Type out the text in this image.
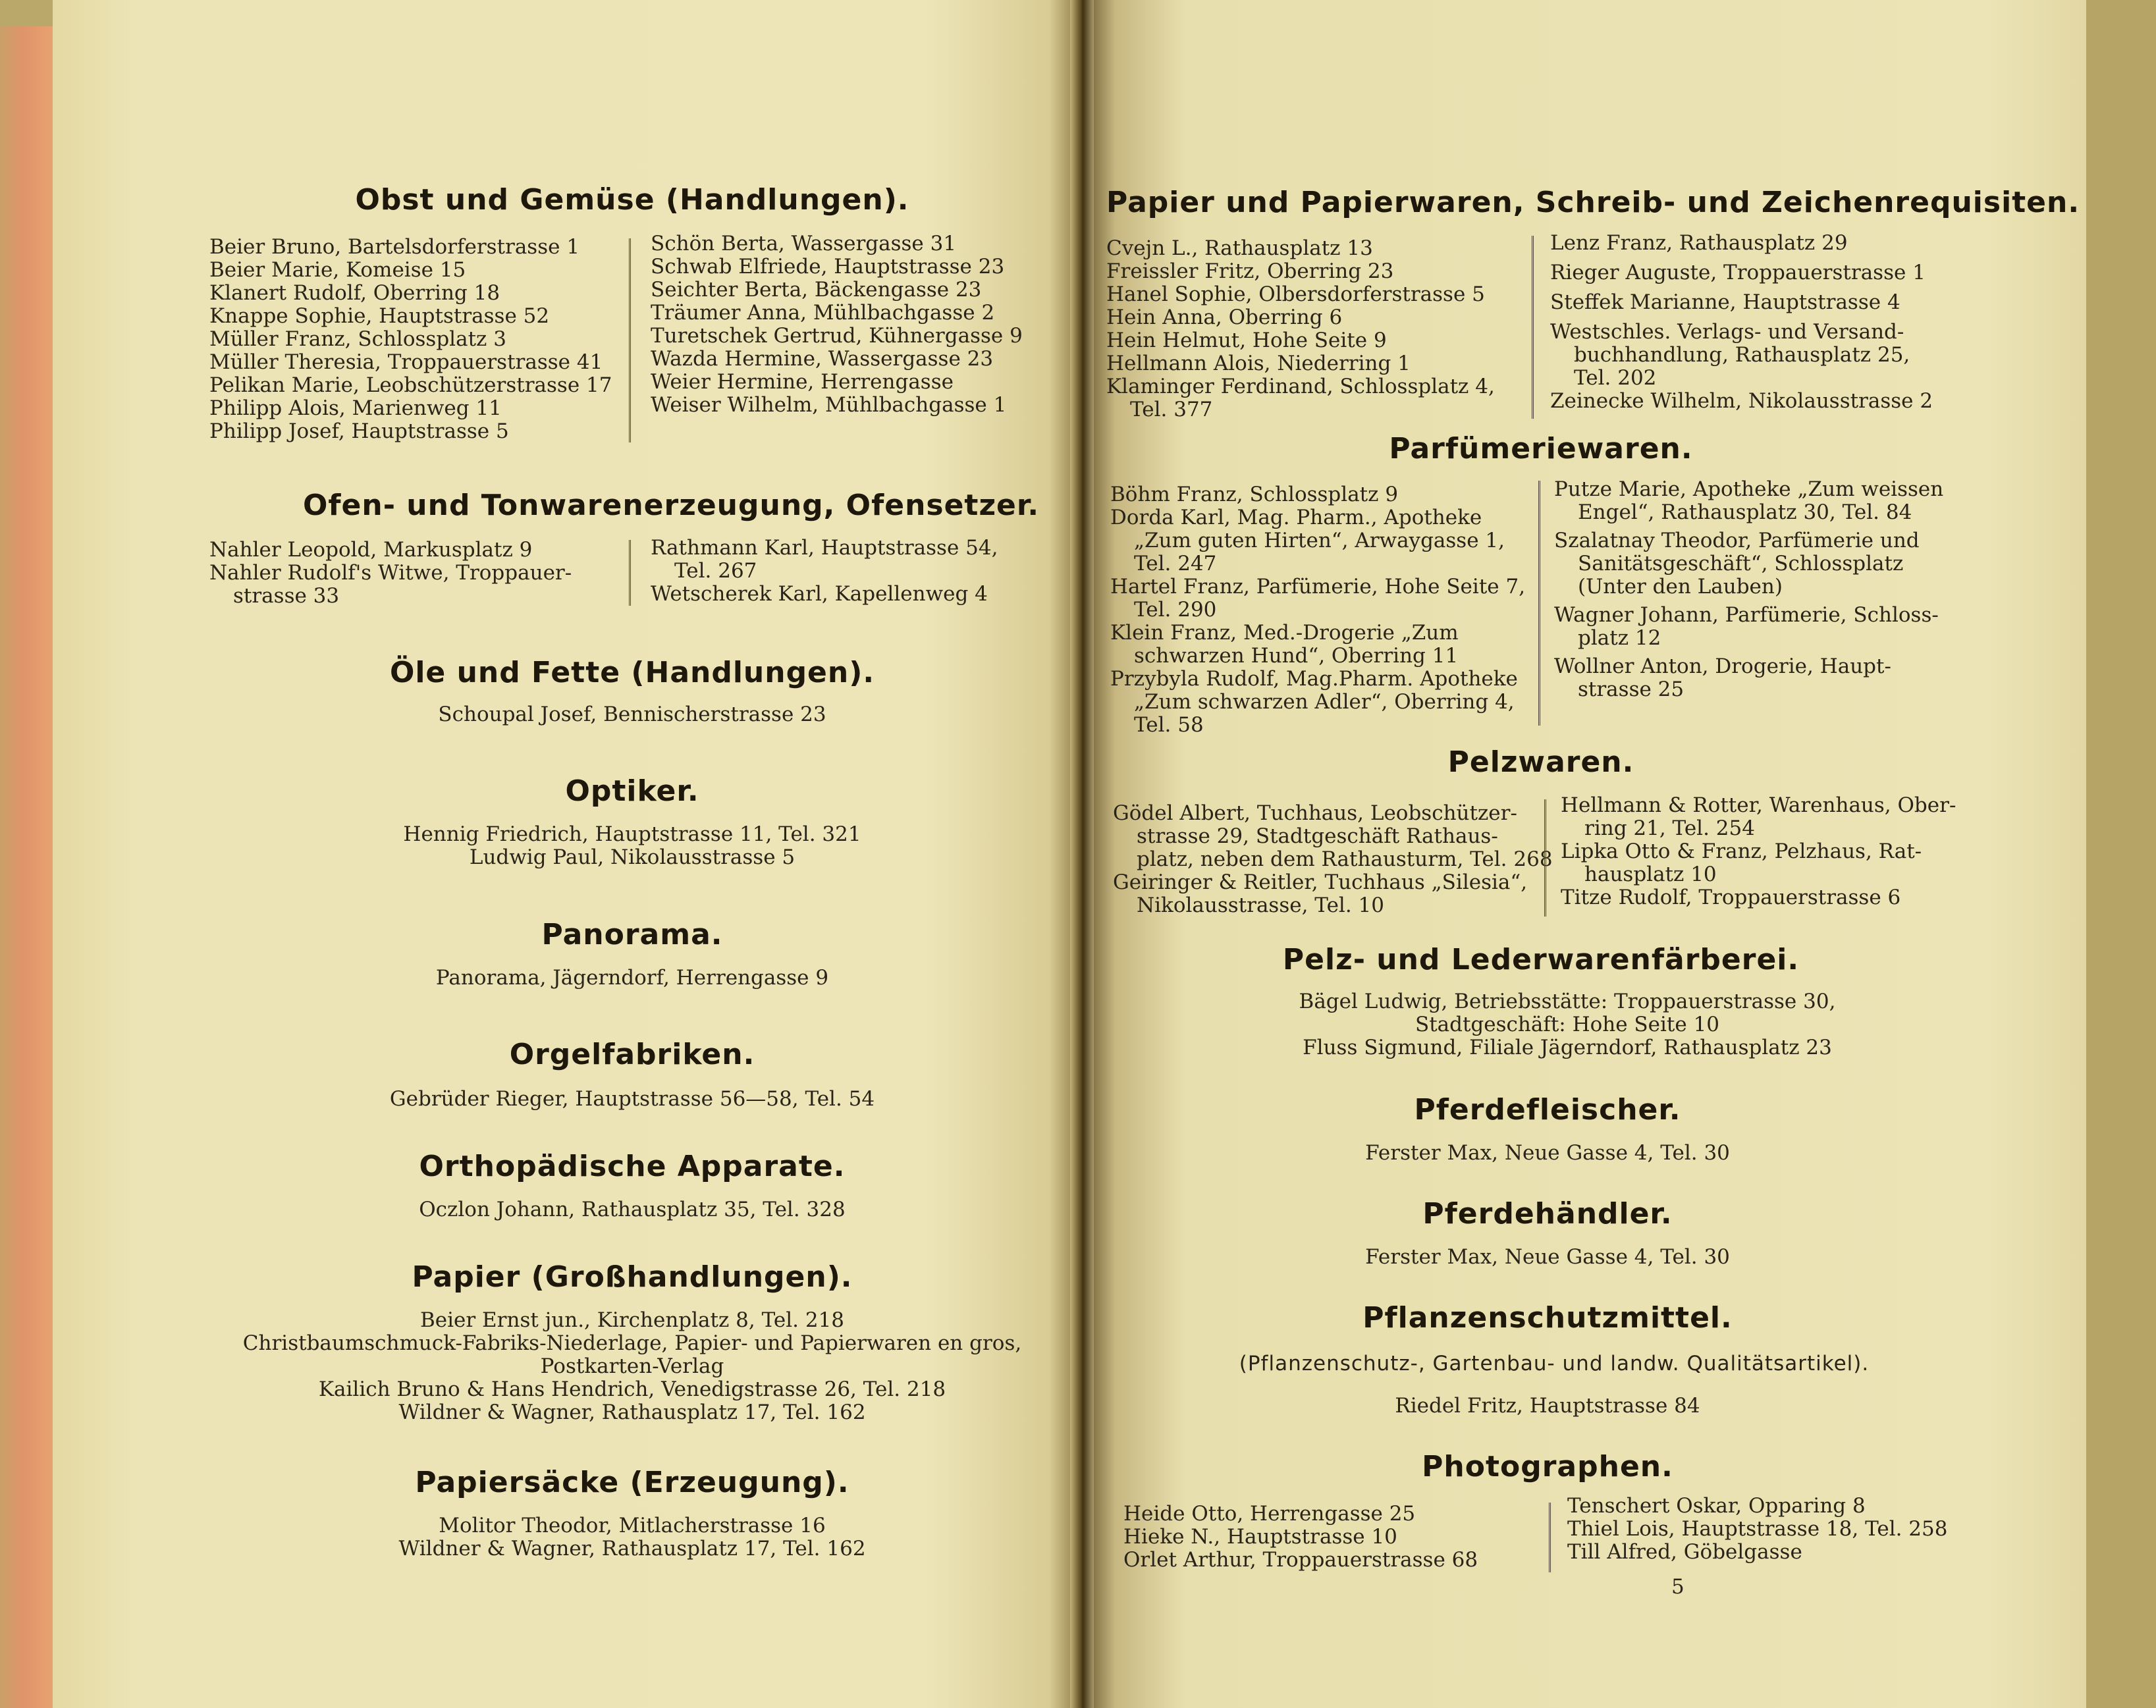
Obst und Gemüse (Handlungen).
Beier Bruno, Bartelsdorferstrasse 1
Beier Marie, Komeise 15
Klanert Rudolf, Oberring 18
Knappe Sophie, Hauptstrasse 52
Müller Franz, Schlossplatz 3
Müller Theresia, Troppauerstrasse 41
Pelikan Marie, Leobschützerstrasse 17
Philipp Alois, Marienweg 11
Philipp Josef, Hauptstrasse 5
Schön Berta, Wassergasse 31
Schwab Elfriede, Hauptstrasse 23
Seichter Berta, Bäckengasse 23
Träumer Anna, Mühlbachgasse 2
Turetschek Gertrud, Kühnergasse 9
Wazda Hermine, Wassergasse 23
Weier Hermine, Herrengasse
Weiser Wilhelm, Mühlbachgasse 1
Ofen- und Tonwarenerzeugung, Ofensetzer.
Nahler Leopold, Markusplatz 9
Nahler Rudolf's Witwe, Troppauer-
strasse 33
Rathmann Karl, Hauptstrasse 54,
Tel. 267
Wetscherek Karl, Kapellenweg 4
Öle und Fette (Handlungen).
Schoupal Josef, Bennischerstrasse 23
Optiker.
Hennig Friedrich, Hauptstrasse 11, Tel. 321
Ludwig Paul, Nikolausstrasse 5
Panorama.
Panorama, Jägerndorf, Herrengasse 9
Orgelfabriken.
Gebrüder Rieger, Hauptstrasse 56—58, Tel. 54
Orthopädische Apparate.
Oczlon Johann, Rathausplatz 35, Tel. 328
Papier (Großhandlungen).
Beier Ernst jun., Kirchenplatz 8, Tel. 218
Christbaumschmuck-Fabriks-Niederlage, Papier- und Papierwaren en gros,
Postkarten-Verlag
Kailich Bruno & Hans Hendrich, Venedigstrasse 26, Tel. 218
Wildner & Wagner, Rathausplatz 17, Tel. 162
Papiersäcke (Erzeugung).
Molitor Theodor, Mitlacherstrasse 16
Wildner & Wagner, Rathausplatz 17, Tel. 162
Papier und Papierwaren, Schreib- und Zeichenrequisiten.
Cvejn L., Rathausplatz 13
Freissler Fritz, Oberring 23
Hanel Sophie, Olbersdorferstrasse 5
Hein Anna, Oberring 6
Hein Helmut, Hohe Seite 9
Hellmann Alois, Niederring 1
Klaminger Ferdinand, Schlossplatz 4,
Tel. 377
Lenz Franz, Rathausplatz 29
Rieger Auguste, Troppauerstrasse 1
Steffek Marianne, Hauptstrasse 4
Westschles. Verlags- und Versand-
buchhandlung, Rathausplatz 25,
Tel. 202
Zeinecke Wilhelm, Nikolausstrasse 2
Parfümeriewaren.
Böhm Franz, Schlossplatz 9
Dorda Karl, Mag. Pharm., Apotheke
„Zum guten Hirten“, Arwaygasse 1,
Tel. 247
Hartel Franz, Parfümerie, Hohe Seite 7,
Tel. 290
Klein Franz, Med.-Drogerie „Zum
schwarzen Hund“, Oberring 11
Przybyla Rudolf, Mag.Pharm. Apotheke
„Zum schwarzen Adler“, Oberring 4,
Tel. 58
Putze Marie, Apotheke „Zum weissen
Engel“, Rathausplatz 30, Tel. 84
Szalatnay Theodor, Parfümerie und
Sanitätsgeschäft“, Schlossplatz
(Unter den Lauben)
Wagner Johann, Parfümerie, Schloss-
platz 12
Wollner Anton, Drogerie, Haupt-
strasse 25
Pelzwaren.
Gödel Albert, Tuchhaus, Leobschützer-
strasse 29, Stadtgeschäft Rathaus-
platz, neben dem Rathausturm, Tel. 268
Geiringer & Reitler, Tuchhaus „Silesia“,
Nikolausstrasse, Tel. 10
Hellmann & Rotter, Warenhaus, Ober-
ring 21, Tel. 254
Lipka Otto & Franz, Pelzhaus, Rat-
hausplatz 10
Titze Rudolf, Troppauerstrasse 6
Pelz- und Lederwarenfärberei.
Bägel Ludwig, Betriebsstätte: Troppauerstrasse 30,
Stadtgeschäft: Hohe Seite 10
Fluss Sigmund, Filiale Jägerndorf, Rathausplatz 23
Pferdefleischer.
Ferster Max, Neue Gasse 4, Tel. 30
Pferdehändler.
Ferster Max, Neue Gasse 4, Tel. 30
Pflanzenschutzmittel.
(Pflanzenschutz-, Gartenbau- und landw. Qualitätsartikel).
Riedel Fritz, Hauptstrasse 84
Photographen.
Heide Otto, Herrengasse 25
Hieke N., Hauptstrasse 10
Orlet Arthur, Troppauerstrasse 68
Tenschert Oskar, Opparing 8
Thiel Lois, Hauptstrasse 18, Tel. 258
Till Alfred, Göbelgasse
5
